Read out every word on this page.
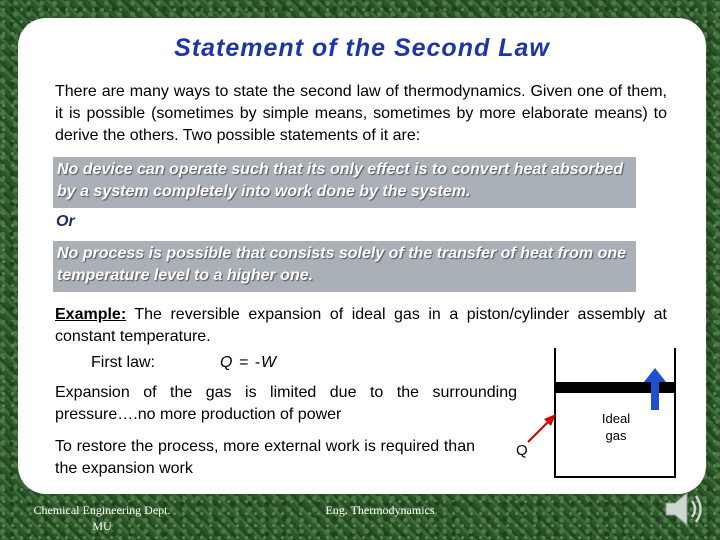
Statement of the Second Law
There are many ways to state the second law of thermodynamics. Given one of them, it is possible (sometimes by simple means, sometimes by more elaborate means) to derive the others. Two possible statements of it are:
No device can operate such that its only effect is to convert heat absorbed by a system completely into work done by the system.
Or
No process is possible that consists solely of the transfer of heat from one temperature level to a higher one.
Example: The reversible expansion of ideal gas in a piston/cylinder assembly at constant temperature.
First law:	Q = -W
Expansion of the gas is limited due to the surrounding pressure….no more production of power
To restore the process, more external work is required than the expansion work
Ideal
gas
Q
Chemical Engineering Dept.
MU
Eng. Thermodynamics
